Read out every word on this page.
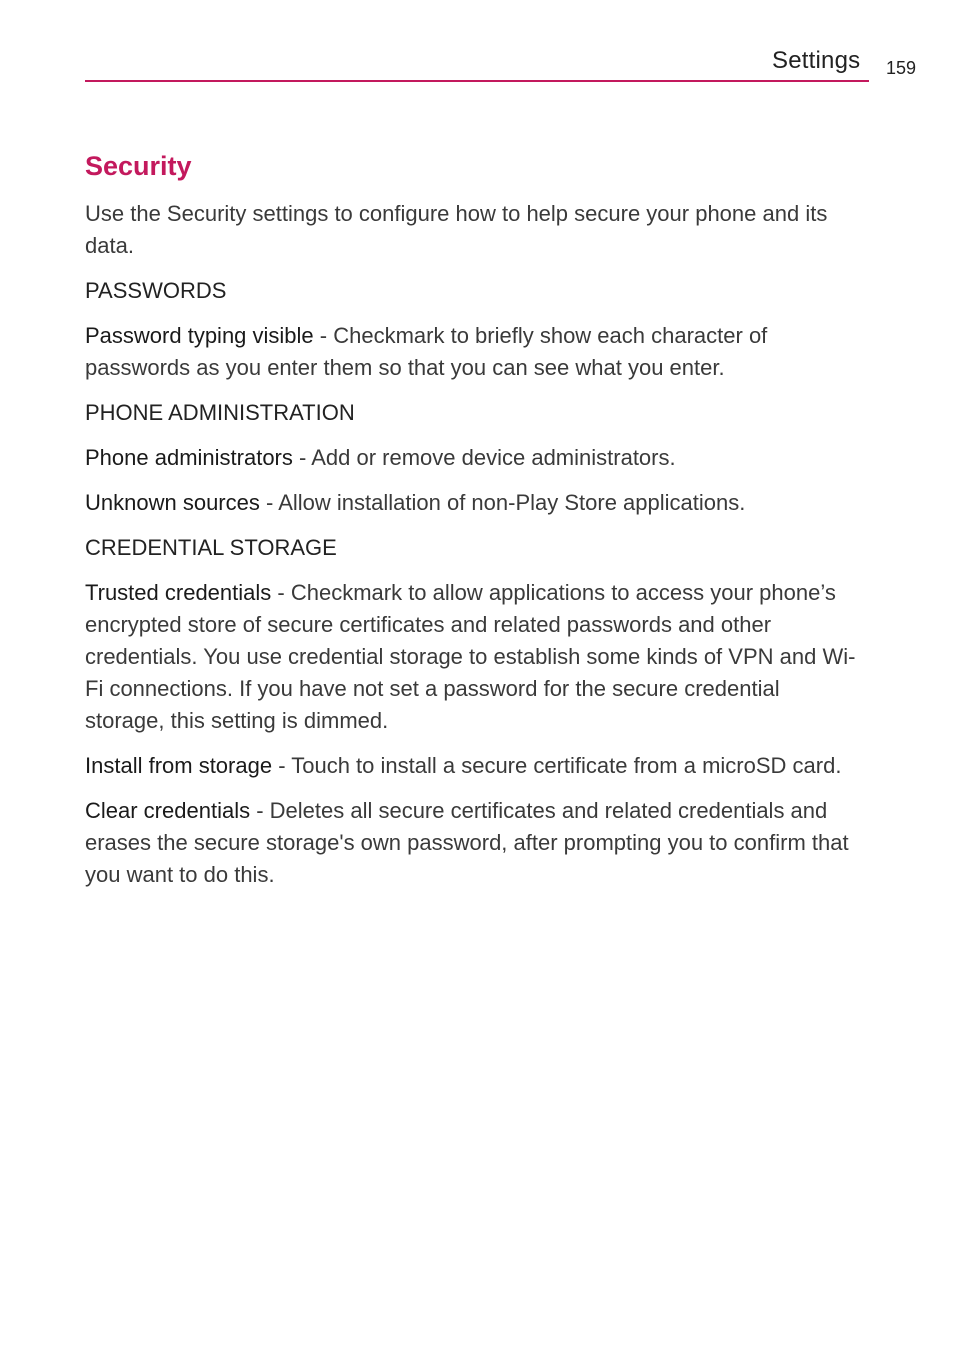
Settings 159
Security

Use the Security settings to configure how to help secure your phone and its data.

PASSWORDS

Password typing visible - Checkmark to briefly show each character of passwords as you enter them so that you can see what you enter.

PHONE ADMINISTRATION

Phone administrators - Add or remove device administrators.

Unknown sources - Allow installation of non-Play Store applications.

CREDENTIAL STORAGE

Trusted credentials - Checkmark to allow applications to access your phone’s encrypted store of secure certificates and related passwords and other credentials. You use credential storage to establish some kinds of VPN and Wi-Fi connections. If you have not set a password for the secure credential storage, this setting is dimmed.

Install from storage - Touch to install a secure certificate from a microSD card.

Clear credentials - Deletes all secure certificates and related credentials and erases the secure storage's own password, after prompting you to confirm that you want to do this.
